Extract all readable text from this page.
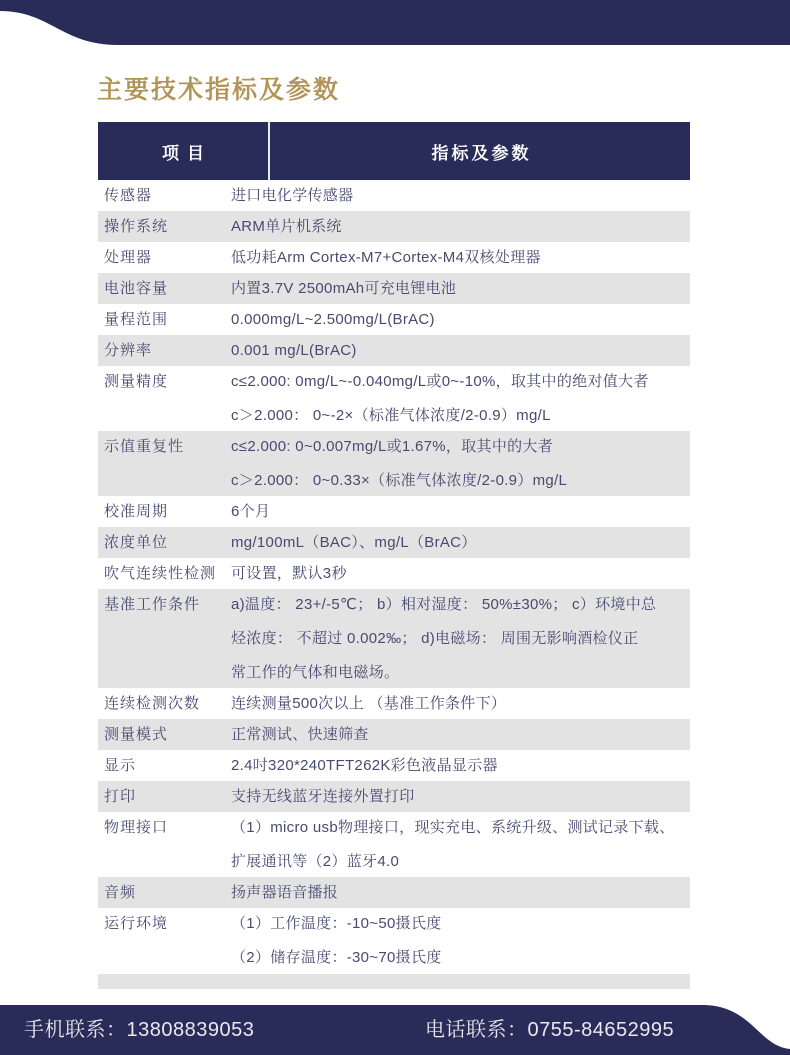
主要技术指标及参数
项目	指标及参数
传感器	进口电化学传感器
操作系统	ARM单片机系统
处理器	低功耗Arm Cortex-M7+Cortex-M4双核处理器
电池容量	内置3.7V 2500mAh可充电锂电池
量程范围	0.000mg/L~2.500mg/L(BrAC)
分辨率	0.001 mg/L(BrAC)
测量精度	c≤2.000: 0mg/L~-0.040mg/L或0~-10%，取其中的绝对值大者
c＞2.000： 0~-2×（标准气体浓度/2-0.9）mg/L
示值重复性	c≤2.000: 0~0.007mg/L或1.67%，取其中的大者
c＞2.000： 0~0.33×（标准气体浓度/2-0.9）mg/L
校准周期	6个月
浓度单位	mg/100mL（BAC）、mg/L（BrAC）
吹气连续性检测 可设置，默认3秒
基准工作条件	a)温度： 23+/-5℃； b）相对湿度： 50%±30%； c）环境中总
烃浓度： 不超过 0.002‰； d)电磁场： 周围无影响酒检仪正
常工作的气体和电磁场。
连续检测次数	连续测量500次以上 （基准工作条件下）
测量模式	正常测试、快速筛查
显示	2.4吋320*240TFT262K彩色液晶显示器
打印	支持无线蓝牙连接外置打印
物理接口	（1）micro usb物理接口，现实充电、系统升级、测试记录下载、
扩展通讯等（2）蓝牙4.0
音频	扬声器语音播报
运行环境	（1）工作温度：-10~50摄氏度
（2）储存温度：-30~70摄氏度
手机联系：13808839053	电话联系：0755-84652995
